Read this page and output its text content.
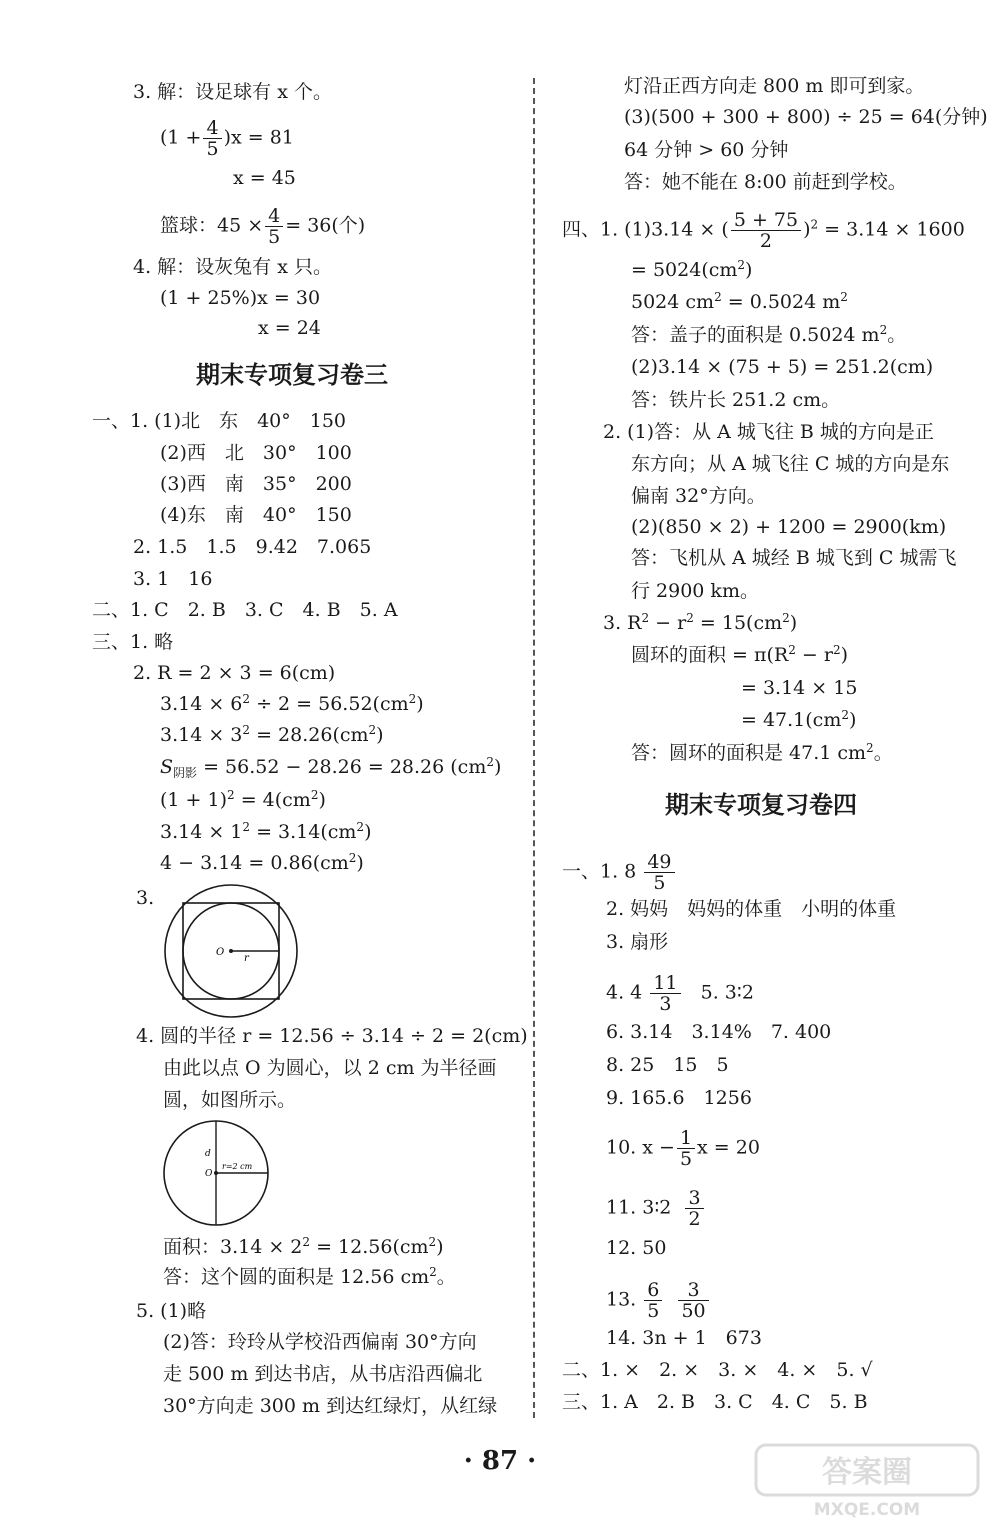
3. 解：设足球有 x 个。
$(1 + \frac{4}{5} )x = 81$
x = 45
篮球：$45 \times \frac{4}{5} = 36$(个)
4. 解：设灰兔有 x 只。
(1 + 25%)x = 30
x = 24
期末专项复习卷三
一、1. (1)北　东　40°　150
(2)西　北　30°　100
(3)西　南　35°　200
(4)东　南　40°　150
2. 1.5　1.5　9.42　7.065
3. 1　16
二、1. C　2. B　3. C　4. B　5. A
三、1. 略
2. R = 2 × 3 = 6(cm)
$3.14 \times 6^2 \div 2 = 56.52(cm^2)$
$3.14 \times 3^2 = 28.26(cm^2)$
$S_{阴影} = 56.52 - 28.26 = 28.26$ $(cm^2)$
$(1 + 1)^2 = 4(cm^2)$
$3.14 \times 1^2 = 3.14(cm^2)$
$4 - 3.14 = 0.86(cm^2)$
3.
O
r
4. 圆的半径 r = 12.56 ÷ 3.14 ÷ 2 = 2(cm)
由此以点 O 为圆心，以 2 cm 为半径画
圆，如图所示。
d
O
r=2 cm
面积：$3.14 \times 2^2 = 12.56(cm^2)$
答：这个圆的面积是 12.56 $cm^2$。
5. (1)略
(2)答：玲玲从学校沿西偏南 30°方向
走 500 m 到达书店，从书店沿西偏北
30°方向走 300 m 到达红绿灯，从红绿
灯沿正西方向走 800 m 即可到家。
(3)(500 + 300 + 800) ÷ 25 = 64(分钟)
64 分钟 > 60 分钟
答：她不能在 8:00 前赶到学校。
四、1. (1)3.14 × ( $\frac{5 + 75}{2} )^2 = 3.14 \times 1600$
= $5024(cm^2)$
5024 $cm^2 = 0.5024$ $m^2$
答：盖子的面积是 0.5024 $m^2$。
(2)3.14 × (75 + 5) = 251.2(cm)
答：铁片长 251.2 cm。
2. (1)答：从 A 城飞往 B 城的方向是正
东方向；从 A 城飞往 C 城的方向是东
偏南 32°方向。
(2)(850 × 2) + 1200 = 2900(km)
答：飞机从 A 城经 B 城飞到 C 城需飞
行 2900 km。
3. $R^2 - r^2 = 15(cm^2)$
圆环的面积 = $\pi(R^2 - r^2)$
= 3.14 × 15
= $47.1(cm^2)$
答：圆环的面积是 47.1 $cm^2$。
期末专项复习卷四
一、1. $8 \frac{49}{5}$
2. 妈妈　妈妈的体重　小明的体重
3. 扇形
4. $4 \frac{11}{3} 5$. 3∶2
6. 3.14　3.14%　7. 400
8. 25　15　5
9. 165.6　1256
10. $x - \frac{1}{5}$ x = 20
11. 3∶2 $\frac{3}{2}$
12. 50
13. $\frac{6}{5}$
$\frac{3}{50}$
14. 3n + 1　673
二、1. ×　2. ×　3. ×　4. ×　5. √
三、1. A　2. B　3. C　4. C　5. B
· 87 ·	答案圈
MXQE.COM
